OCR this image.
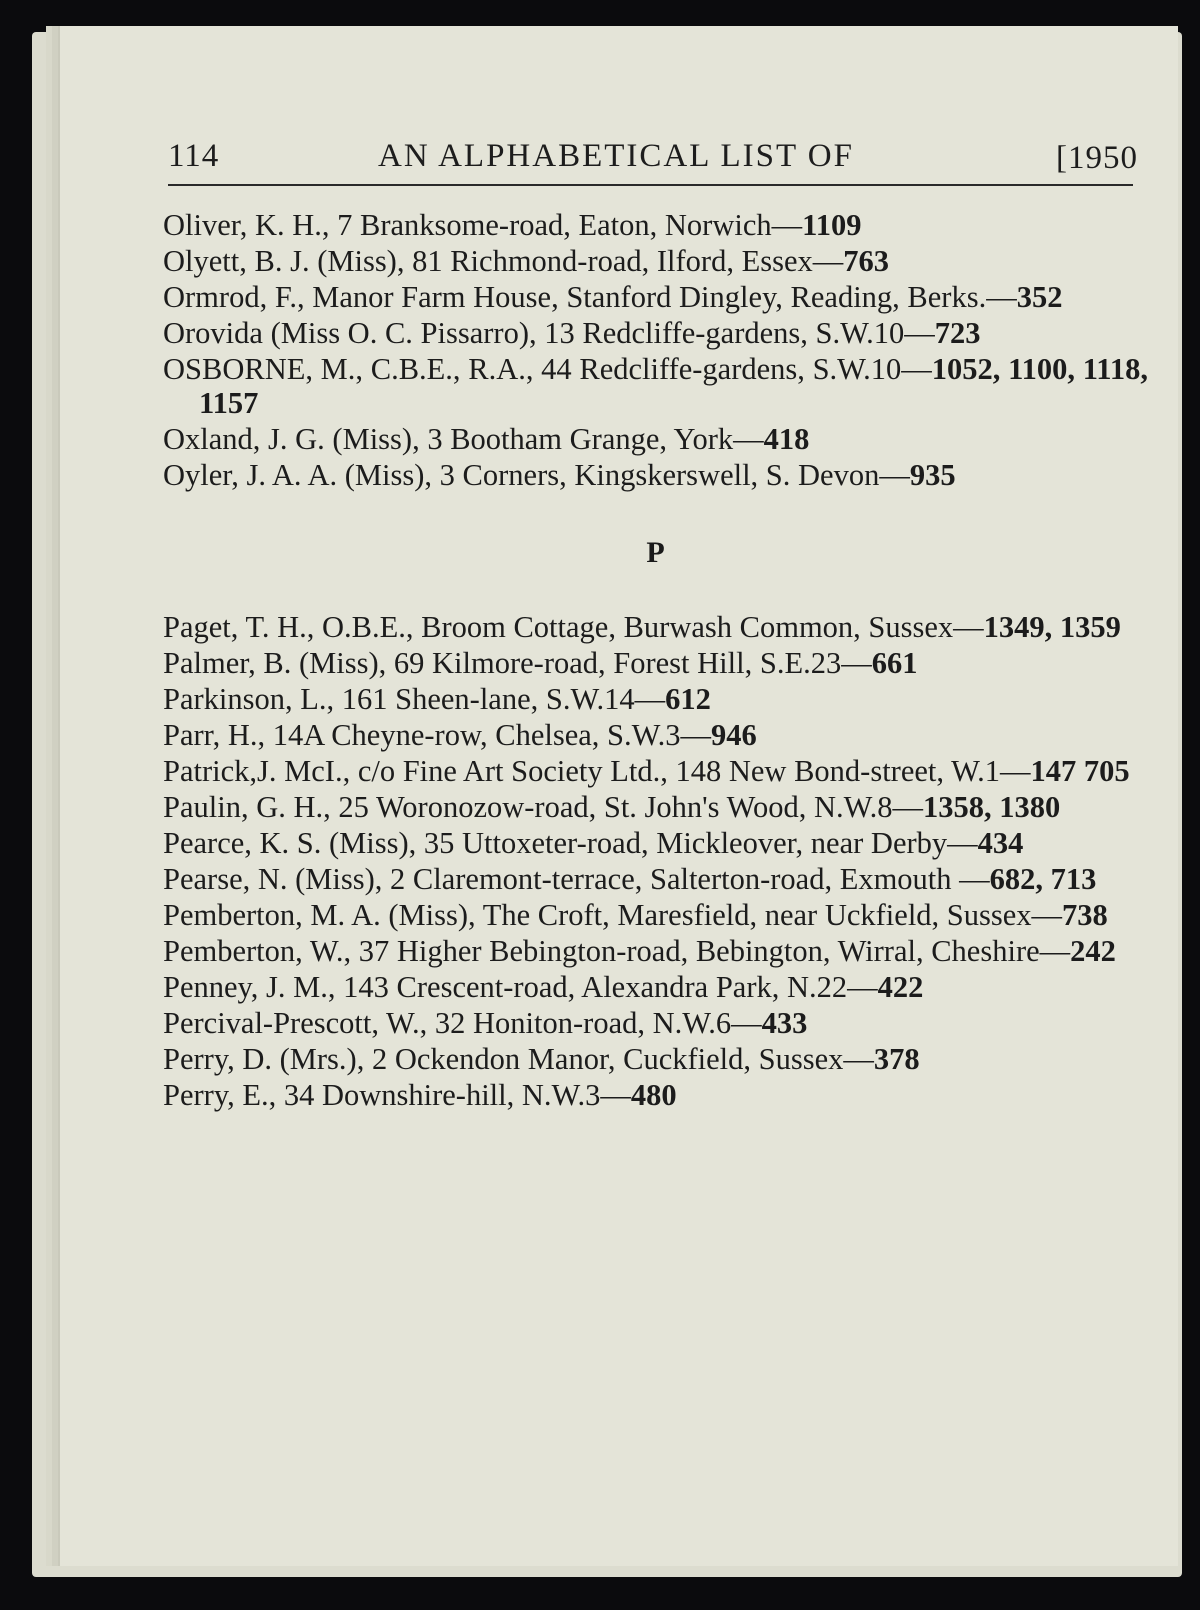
114	AN ALPHABETICAL LIST OF	[1950
Oliver, K. H., 7 Branksome-road, Eaton, Norwich—1109
Olyett, B. J. (Miss), 81 Richmond-road, Ilford, Essex—763
Ormrod, F., Manor Farm House, Stanford Dingley, Reading, Berks.—352
Orovida (Miss O. C. Pissarro), 13 Redcliffe-gardens, S.W.10—723
OSBORNE, M., C.B.E., R.A., 44 Redcliffe-gardens, S.W.10—1052, 1100, 1118, 1157
Oxland, J. G. (Miss), 3 Bootham Grange, York—418
Oyler, J. A. A. (Miss), 3 Corners, Kingskerswell, S. Devon—935
P
Paget, T. H., O.B.E., Broom Cottage, Burwash Common, Sussex—1349, 1359
Palmer, B. (Miss), 69 Kilmore-road, Forest Hill, S.E.23—661
Parkinson, L., 161 Sheen-lane, S.W.14—612
Parr, H., 14A Cheyne-row, Chelsea, S.W.3—946
Patrick,J. McI., c/o Fine Art Society Ltd., 148 New Bond-street, W.1—147 705
Paulin, G. H., 25 Woronozow-road, St. John's Wood, N.W.8—1358, 1380
Pearce, K. S. (Miss), 35 Uttoxeter-road, Mickleover, near Derby—434
Pearse, N. (Miss), 2 Claremont-terrace, Salterton-road, Exmouth —682, 713
Pemberton, M. A. (Miss), The Croft, Maresfield, near Uckfield, Sussex—738
Pemberton, W., 37 Higher Bebington-road, Bebington, Wirral, Cheshire—242
Penney, J. M., 143 Crescent-road, Alexandra Park, N.22—422
Percival-Prescott, W., 32 Honiton-road, N.W.6—433
Perry, D. (Mrs.), 2 Ockendon Manor, Cuckfield, Sussex—378
Perry, E., 34 Downshire-hill, N.W.3—480
